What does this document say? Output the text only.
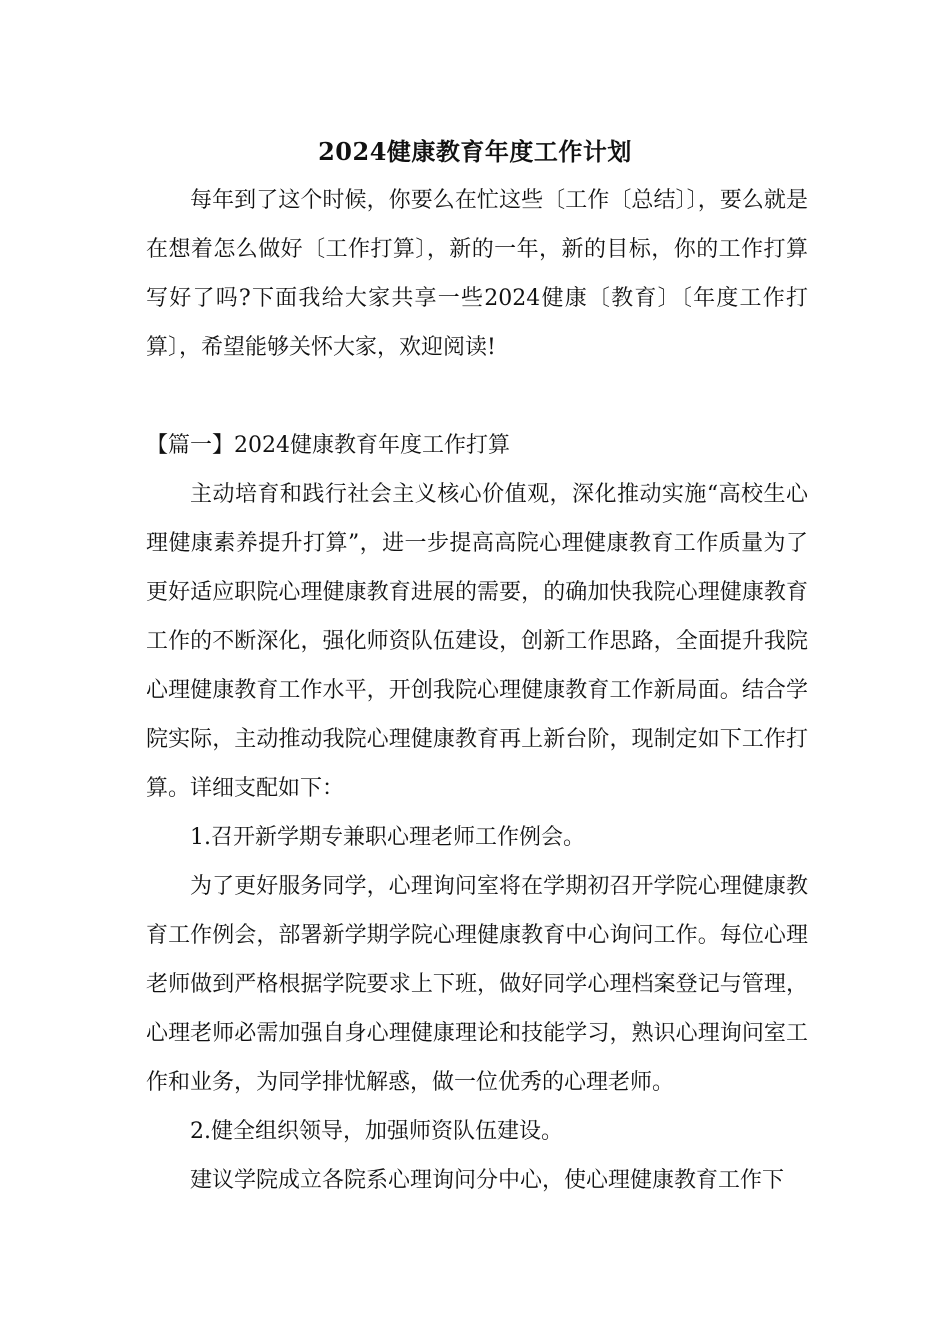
2024健康教育年度工作计划

每年到了这个时候，你要么在忙这些〔工作〔总结〕〕，要么就是在想着怎么做好〔工作打算〕，新的一年，新的目标，你的工作打算写好了吗?下面我给大家共享一些2024健康〔教育〕〔年度工作打算〕，希望能够关怀大家，欢迎阅读!

【篇一】2024健康教育年度工作打算

主动培育和践行社会主义核心价值观，深化推动实施“高校生心理健康素养提升打算”，进一步提高高院心理健康教育工作质量为了更好适应职院心理健康教育进展的需要，的确加快我院心理健康教育工作的不断深化，强化师资队伍建设，创新工作思路，全面提升我院心理健康教育工作水平，开创我院心理健康教育工作新局面。结合学院实际，主动推动我院心理健康教育再上新台阶，现制定如下工作打算。详细支配如下：

1.召开新学期专兼职心理老师工作例会。

为了更好服务同学，心理询问室将在学期初召开学院心理健康教育工作例会，部署新学期学院心理健康教育中心询问工作。每位心理老师做到严格根据学院要求上下班，做好同学心理档案登记与管理，心理老师必需加强自身心理健康理论和技能学习，熟识心理询问室工作和业务，为同学排忧解惑，做一位优秀的心理老师。

2.健全组织领导，加强师资队伍建设。

建议学院成立各院系心理询问分中心，使心理健康教育工作下
